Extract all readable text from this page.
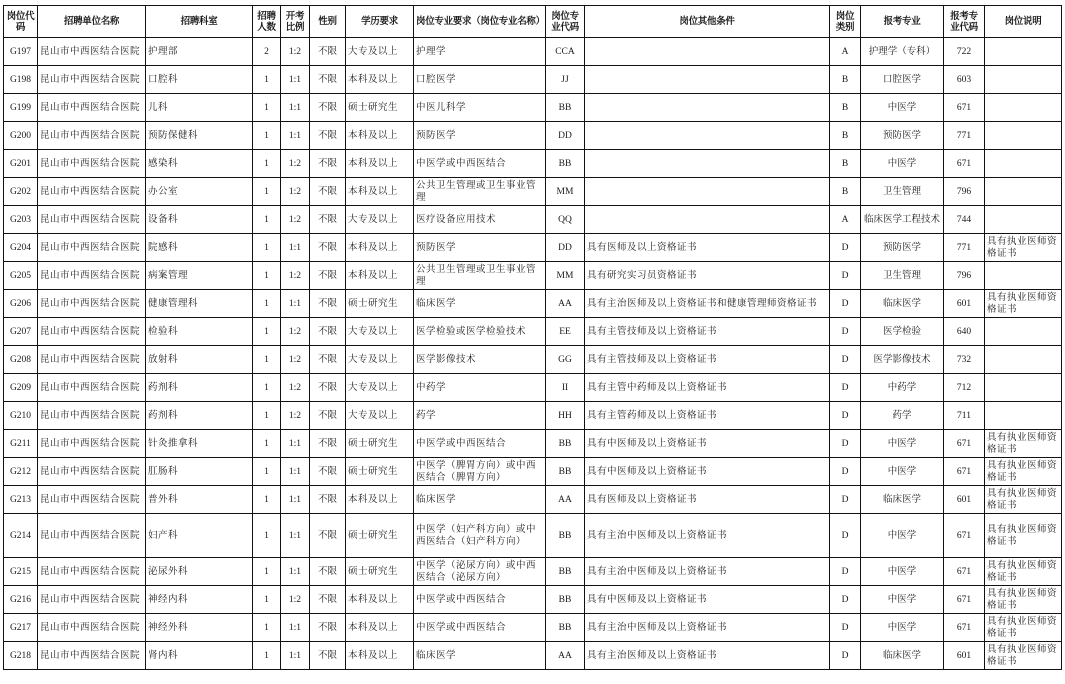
岗位代码	招聘单位名称	招聘科室	招聘人数	开考比例	性别	学历要求	岗位专业要求（岗位专业名称）	岗位专业代码	岗位其他条件	岗位类别	报考专业	报考专业代码	岗位说明
G197	昆山市中西医结合医院	护理部	2	1:2	不限	大专及以上	护理学	CCA		A	护理学（专科）	722	
G198	昆山市中西医结合医院	口腔科	1	1:1	不限	本科及以上	口腔医学	JJ		B	口腔医学	603	
G199	昆山市中西医结合医院	儿科	1	1:1	不限	硕士研究生	中医儿科学	BB		B	中医学	671	
G200	昆山市中西医结合医院	预防保健科	1	1:1	不限	本科及以上	预防医学	DD		B	预防医学	771	
G201	昆山市中西医结合医院	感染科	1	1:2	不限	本科及以上	中医学或中西医结合	BB		B	中医学	671	
G202	昆山市中西医结合医院	办公室	1	1:2	不限	本科及以上	公共卫生管理或卫生事业管理	MM		B	卫生管理	796	
G203	昆山市中西医结合医院	设备科	1	1:2	不限	大专及以上	医疗设备应用技术	QQ		A	临床医学工程技术	744	
G204	昆山市中西医结合医院	院感科	1	1:1	不限	本科及以上	预防医学	DD	具有医师及以上资格证书	D	预防医学	771	具有执业医师资格证书
G205	昆山市中西医结合医院	病案管理	1	1:2	不限	本科及以上	公共卫生管理或卫生事业管理	MM	具有研究实习员资格证书	D	卫生管理	796	
G206	昆山市中西医结合医院	健康管理科	1	1:1	不限	硕士研究生	临床医学	AA	具有主治医师及以上资格证书和健康管理师资格证书	D	临床医学	601	具有执业医师资格证书
G207	昆山市中西医结合医院	检验科	1	1:2	不限	大专及以上	医学检验或医学检验技术	EE	具有主管技师及以上资格证书	D	医学检验	640	
G208	昆山市中西医结合医院	放射科	1	1:2	不限	大专及以上	医学影像技术	GG	具有主管技师及以上资格证书	D	医学影像技术	732	
G209	昆山市中西医结合医院	药剂科	1	1:2	不限	大专及以上	中药学	II	具有主管中药师及以上资格证书	D	中药学	712	
G210	昆山市中西医结合医院	药剂科	1	1:2	不限	大专及以上	药学	HH	具有主管药师及以上资格证书	D	药学	711	
G211	昆山市中西医结合医院	针灸推拿科	1	1:1	不限	硕士研究生	中医学或中西医结合	BB	具有中医师及以上资格证书	D	中医学	671	具有执业医师资格证书
G212	昆山市中西医结合医院	肛肠科	1	1:1	不限	硕士研究生	中医学（脾胃方向）或中西医结合（脾胃方向）	BB	具有中医师及以上资格证书	D	中医学	671	具有执业医师资格证书
G213	昆山市中西医结合医院	普外科	1	1:1	不限	本科及以上	临床医学	AA	具有医师及以上资格证书	D	临床医学	601	具有执业医师资格证书
G214	昆山市中西医结合医院	妇产科	1	1:1	不限	硕士研究生	中医学（妇产科方向）或中西医结合（妇产科方向）	BB	具有主治中医师及以上资格证书	D	中医学	671	具有执业医师资格证书
G215	昆山市中西医结合医院	泌尿外科	1	1:1	不限	硕士研究生	中医学（泌尿方向）或中西医结合（泌尿方向）	BB	具有主治中医师及以上资格证书	D	中医学	671	具有执业医师资格证书
G216	昆山市中西医结合医院	神经内科	1	1:2	不限	本科及以上	中医学或中西医结合	BB	具有中医师及以上资格证书	D	中医学	671	具有执业医师资格证书
G217	昆山市中西医结合医院	神经外科	1	1:1	不限	本科及以上	中医学或中西医结合	BB	具有主治中医师及以上资格证书	D	中医学	671	具有执业医师资格证书
G218	昆山市中西医结合医院	肾内科	1	1:1	不限	本科及以上	临床医学	AA	具有主治医师及以上资格证书	D	临床医学	601	具有执业医师资格证书
